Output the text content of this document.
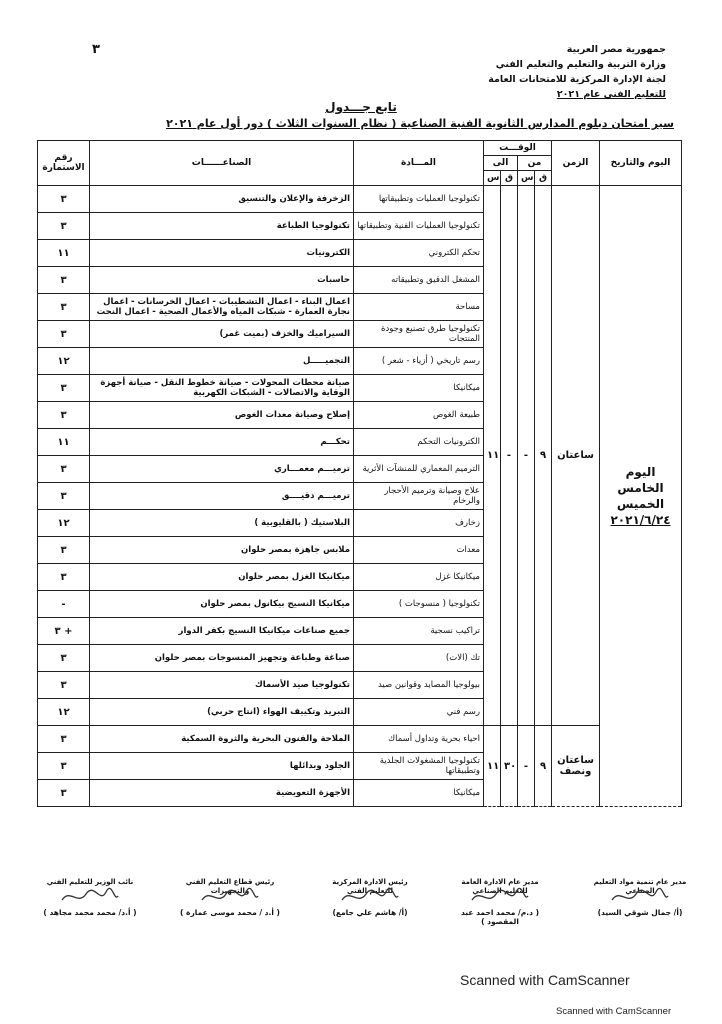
٣	جمهورية مصر العربية
وزارة التربية والتعليم والتعليم الفني
لجنة الإدارة المركزية للامتحانات العامة
للتعليم الفني عام ٢٠٢١
تابع جـــدول
سير امتحان دبلوم المدارس الثانوية الفنية الصناعية ( نظام السنوات الثلاث ) دور أول عام ٢٠٢١
رقم الاستمارة	الصناعــــــات	المـــادة	الوقـــت				الزمن	اليوم والتاريخ
			الى		من			
			س	ق	س	ق		
٣	الزخرفة والإعلان والتنسيق	تكنولوجيا العمليات وتطبيقاتها	١١	-	-	٩	ساعتان	اليوم
الخامس
الخميس
٢٠٢١/٦/٢٤

٣	تكنولوجيا الطباعة	تكنولوجيا العمليات الفنية وتطبيقاتها						
١١	الكترونيات	تحكم الكتروني						
٣	حاسبات	المشغل الدقيق وتطبيقاته						
٣	اعمال البناء - اعمال التشطيبات - اعمال الخرسانات - اعمال نجارة العمارة - شبكات المياه والأعمال الصحية - اعمال النحت	مساحة						
٣	السيراميك والخزف (بميت غمر)	تكنولوجيا طرق تصنيع وجودة المنتجات						
١٢	التجميـــــل	رسم تاريخي ( أزياء - شعر )						
٣	صيانة محطات المحولات - صيانة خطوط النقل - صيانة أجهزة الوقاية والاتصالات - الشبكات الكهربية	ميكانيكا						
٣	إصلاح وصيانة معدات الغوص	طبيعة الغوص						
١١	تحكـــم	الكترونيات التحكم						
٣	ترميـــم معمـــاري	الترميم المعماري للمنشآت الأثرية						
٣	ترميـــم دقيــــق	علاج وصيانة وترميم الأحجار والرخام						
١٢	البلاستيك ( بالقليوبية )	زخارف						
٣	ملابس جاهزة بمصر حلوان	معدات						
٣	ميكانيكا الغزل بمصر حلوان	ميكانيكا غزل						
-	ميكانيكا النسيج بيكانول بمصر حلوان	تكنولوجيا ( منسوجات )						
٣ +	جميع صناعات ميكانيكا النسيج بكفر الدوار	تراكيب نسجية						
٣	صباغة وطباعة وتجهيز المنسوجات بمصر حلوان	تك (الات)						
٣	تكنولوجيا صيد الأسماك	بيولوجيا المصايد وقوانين صيد						
١٢	التبريد وتكييف الهواء (انتاج حربي)	رسم فني						
٣	الملاحة والفنون البحرية والثروة السمكية	احياء بحرية وتداول أسماك	١١	٣٠	-	٩	ساعتان ونصف	
٣	الجلود وبدائلها	تكنولوجيا المشغولات الجلدية وتطبيقاتها						
٣	الأجهزة التعويضية	ميكانيكا						
مدير عام تنمية مواد التعليم الصناعي
(أ/ جمال شوقي السيد)
مدير عام الادارة العامة للتعليم الصناعي
( د.م/ محمد احمد عبد المقصود )
رئيس الادارة المركزية للتعليم الفني
(أ/ هاشم علي جامع)
رئيس قطاع التعليم الفني والتجهيزات
( أ.د / محمد موسى عمارة )
نائب الوزير للتعليم الفني
( أ.د/ محمد محمد مجاهد )
Scanned with CamScanner
Scanned with CamScanner
